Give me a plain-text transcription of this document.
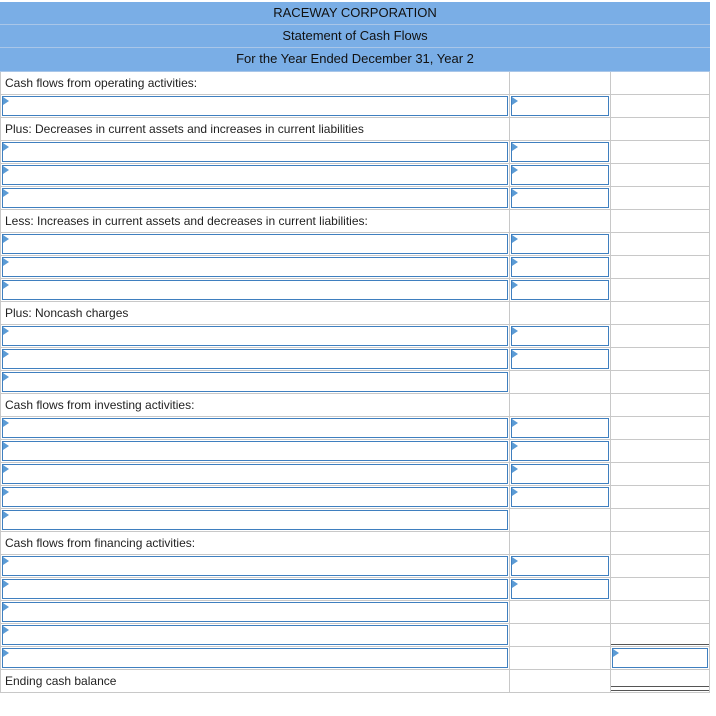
RACEWAY CORPORATION
Statement of Cash Flows
For the Year Ended December 31, Year 2
Cash flows from operating activities:
Plus: Decreases in current assets and increases in current liabilities
Less: Increases in current assets and decreases in current liabilities:
Plus: Noncash charges
Cash flows from investing activities:
Cash flows from financing activities:
Ending cash balance
